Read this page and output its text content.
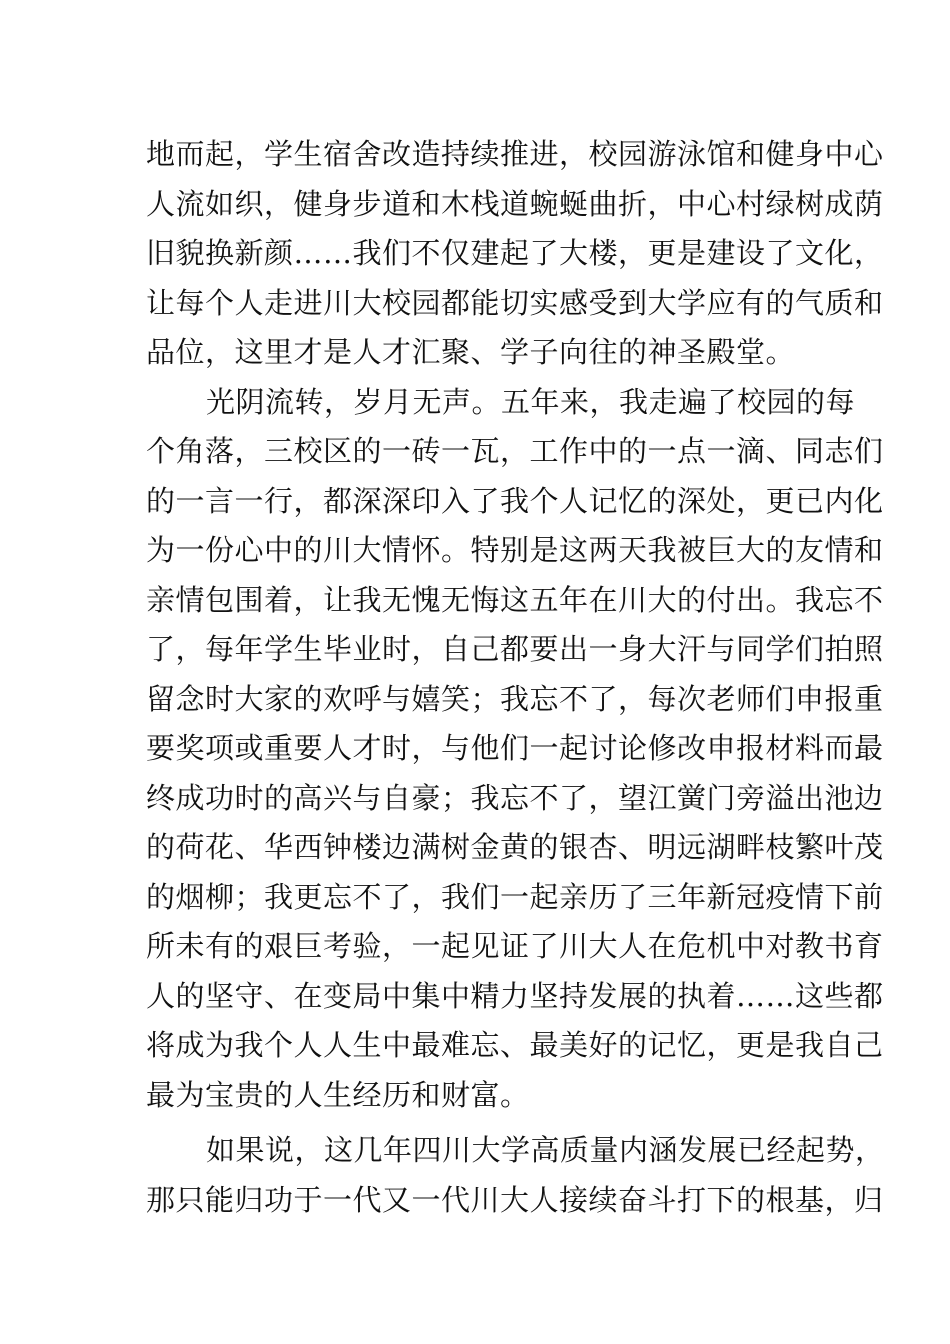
地而起，学生宿舍改造持续推进，校园游泳馆和健身中心
人流如织，健身步道和木栈道蜿蜒曲折，中心村绿树成荫
旧貌换新颜……我们不仅建起了大楼，更是建设了文化，
让每个人走进川大校园都能切实感受到大学应有的气质和
品位，这里才是人才汇聚、学子向往的神圣殿堂。
光阴流转，岁月无声。五年来，我走遍了校园的每
个角落，三校区的一砖一瓦，工作中的一点一滴、同志们
的一言一行，都深深印入了我个人记忆的深处，更已内化
为一份心中的川大情怀。特别是这两天我被巨大的友情和
亲情包围着，让我无愧无悔这五年在川大的付出。我忘不
了，每年学生毕业时，自己都要出一身大汗与同学们拍照
留念时大家的欢呼与嬉笑；我忘不了，每次老师们申报重
要奖项或重要人才时，与他们一起讨论修改申报材料而最
终成功时的高兴与自豪；我忘不了，望江黉门旁溢出池边
的荷花、华西钟楼边满树金黄的银杏、明远湖畔枝繁叶茂
的烟柳；我更忘不了，我们一起亲历了三年新冠疫情下前
所未有的艰巨考验，一起见证了川大人在危机中对教书育
人的坚守、在变局中集中精力坚持发展的执着……这些都
将成为我个人人生中最难忘、最美好的记忆，更是我自己
最为宝贵的人生经历和财富。
如果说，这几年四川大学高质量内涵发展已经起势，
那只能归功于一代又一代川大人接续奋斗打下的根基，归
